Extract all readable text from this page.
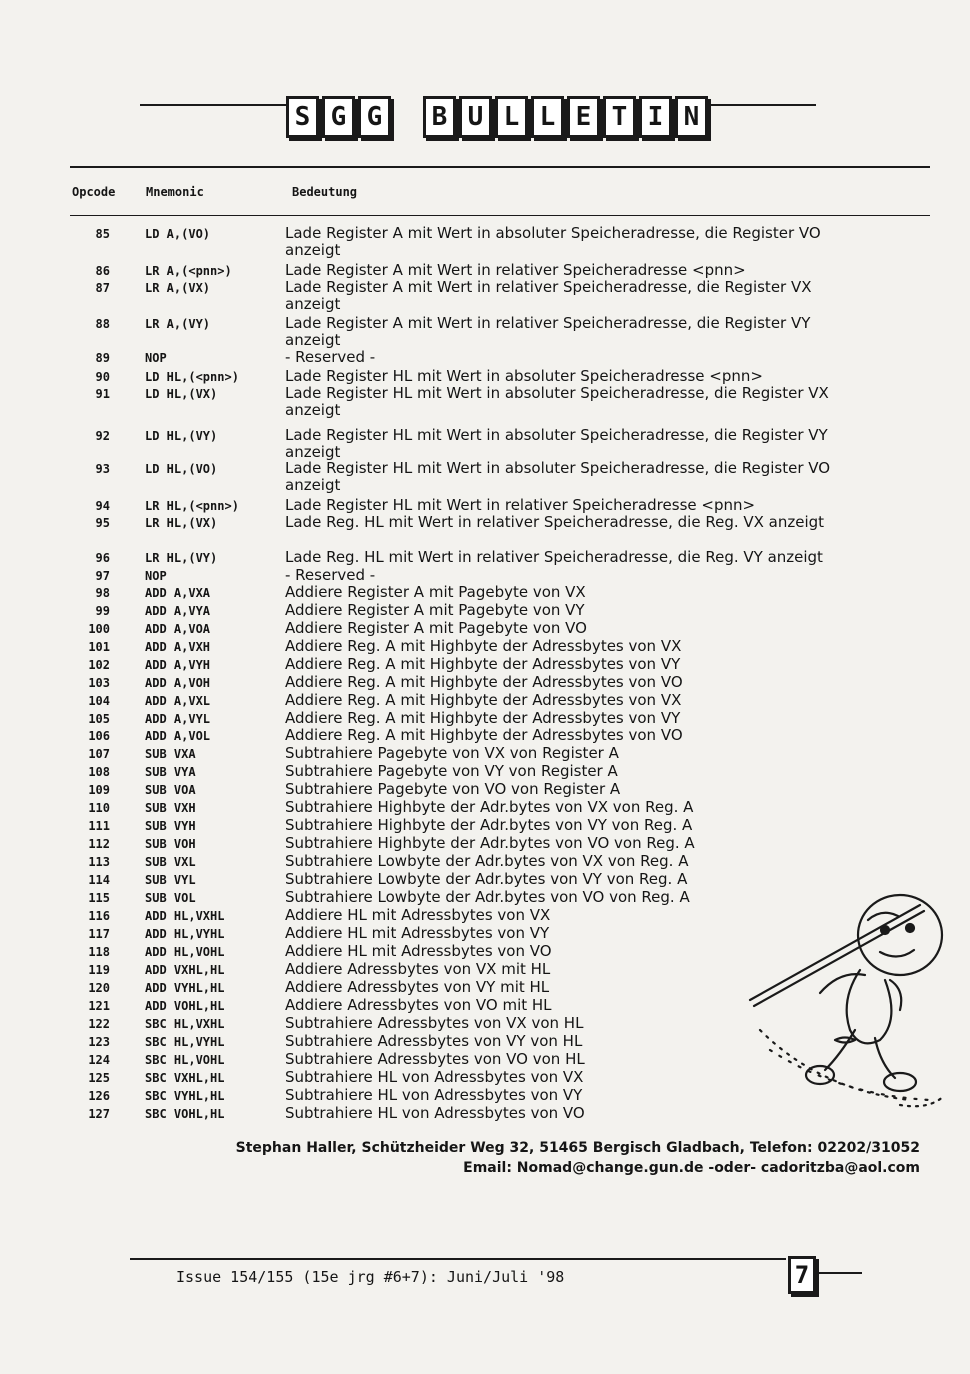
S G G	B U L L E T I N
Opcode	Mnemonic	Bedeutung
85	LD A,(VO)	Lade Register A mit Wert in absoluter Speicheradresse, die Register VO
anzeigt
86	LR A,(<pnn>)	Lade Register A mit Wert in relativer Speicheradresse <pnn>
87	LR A,(VX)	Lade Register A mit Wert in relativer Speicheradresse, die Register VX
anzeigt
88	LR A,(VY)	Lade Register A mit Wert in relativer Speicheradresse, die Register VY
anzeigt
89	NOP	- Reserved -
90	LD HL,(<pnn>)	Lade Register HL mit Wert in absoluter Speicheradresse <pnn>
91	LD HL,(VX)	Lade Register HL mit Wert in absoluter Speicheradresse, die Register VX
anzeigt
92	LD HL,(VY)	Lade Register HL mit Wert in absoluter Speicheradresse, die Register VY
anzeigt
93	LD HL,(VO)	Lade Register HL mit Wert in absoluter Speicheradresse, die Register VO
anzeigt
94	LR HL,(<pnn>)	Lade Register HL mit Wert in relativer Speicheradresse <pnn>
95	LR HL,(VX)	Lade Reg. HL mit Wert in relativer Speicheradresse, die Reg. VX anzeigt
96	LR HL,(VY)	Lade Reg. HL mit Wert in relativer Speicheradresse, die Reg. VY anzeigt
97	NOP	- Reserved -
98	ADD A,VXA	Addiere Register A mit Pagebyte von VX
99	ADD A,VYA	Addiere Register A mit Pagebyte von VY
100	ADD A,VOA	Addiere Register A mit Pagebyte von VO
101	ADD A,VXH	Addiere Reg. A mit Highbyte der Adressbytes von VX
102	ADD A,VYH	Addiere Reg. A mit Highbyte der Adressbytes von VY
103	ADD A,VOH	Addiere Reg. A mit Highbyte der Adressbytes von VO
104	ADD A,VXL	Addiere Reg. A mit Highbyte der Adressbytes von VX
105	ADD A,VYL	Addiere Reg. A mit Highbyte der Adressbytes von VY
106	ADD A,VOL	Addiere Reg. A mit Highbyte der Adressbytes von VO
107	SUB VXA	Subtrahiere Pagebyte von VX von Register A
108	SUB VYA	Subtrahiere Pagebyte von VY von Register A
109	SUB VOA	Subtrahiere Pagebyte von VO von Register A
110	SUB VXH	Subtrahiere Highbyte der Adr.bytes von VX von Reg. A
111	SUB VYH	Subtrahiere Highbyte der Adr.bytes von VY von Reg. A
112	SUB VOH	Subtrahiere Highbyte der Adr.bytes von VO von Reg. A
113	SUB VXL	Subtrahiere Lowbyte der Adr.bytes von VX von Reg. A
114	SUB VYL	Subtrahiere Lowbyte der Adr.bytes von VY von Reg. A
115	SUB VOL	Subtrahiere Lowbyte der Adr.bytes von VO von Reg. A
116	ADD HL,VXHL	Addiere HL mit Adressbytes von VX
117	ADD HL,VYHL	Addiere HL mit Adressbytes von VY
118	ADD HL,VOHL	Addiere HL mit Adressbytes von VO
119	ADD VXHL,HL	Addiere Adressbytes von VX mit HL
120	ADD VYHL,HL	Addiere Adressbytes von VY mit HL
121	ADD VOHL,HL	Addiere Adressbytes von VO mit HL
122	SBC HL,VXHL	Subtrahiere Adressbytes von VX von HL
123	SBC HL,VYHL	Subtrahiere Adressbytes von VY von HL
124	SBC HL,VOHL	Subtrahiere Adressbytes von VO von HL
125	SBC VXHL,HL	Subtrahiere HL von Adressbytes von VX
126	SBC VYHL,HL	Subtrahiere HL von Adressbytes von VY
127	SBC VOHL,HL	Subtrahiere HL von Adressbytes von VO
Stephan Haller, Schützheider Weg 32, 51465 Bergisch Gladbach, Telefon: 02202/31052
Email: Nomad@change.gun.de -oder- cadoritzba@aol.com
Issue 154/155 (15e jrg #6+7): Juni/Juli '98	7
